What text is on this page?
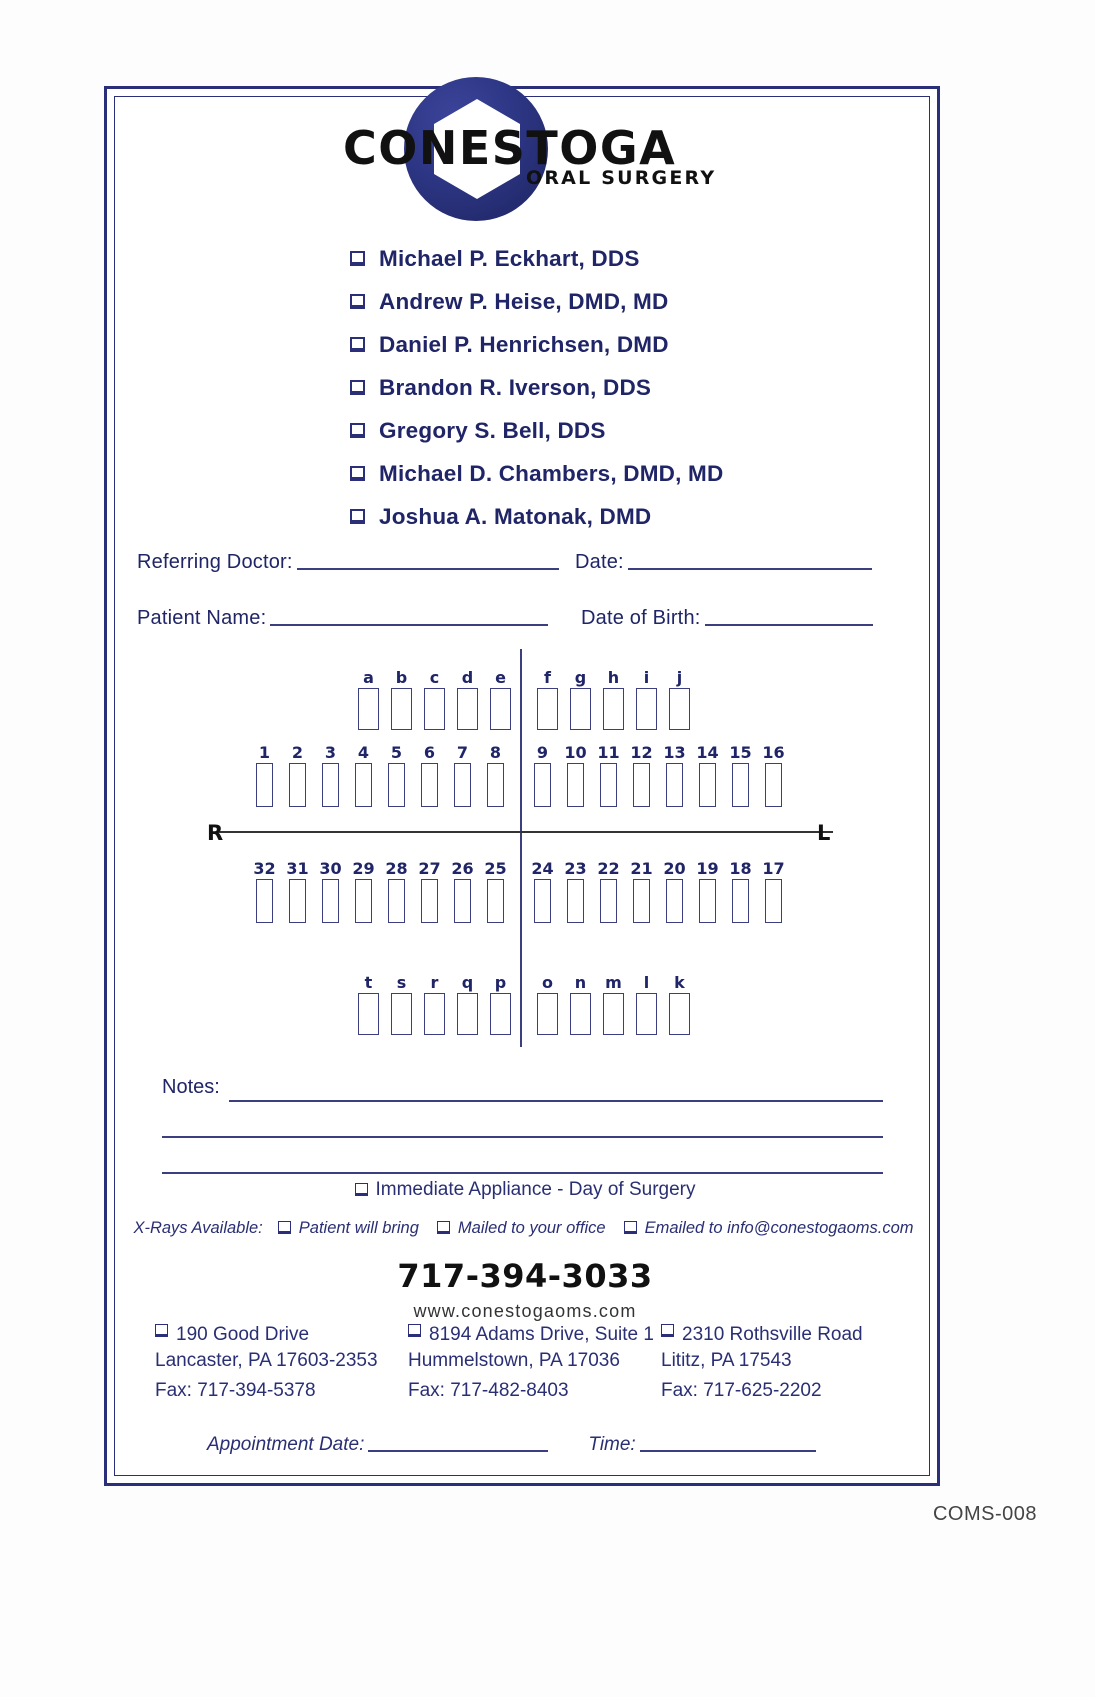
CONESTOGA
ORAL SURGERY
Michael P. Eckhart, DDS
Andrew P. Heise, DMD, MD
Daniel P. Henrichsen, DMD
Brandon R. Iverson, DDS
Gregory S. Bell, DDS
Michael D. Chambers, DMD, MD
Joshua A. Matonak, DMD
Referring Doctor:	Date:
Patient Name:	Date of Birth:
R	L
a b c d e f g h i j
1 2 3 4 5 6 7 8 9 10 11 12 13 14 15 16
32 31 30 29 28 27 26 25 24 23 22 21 20 19 18 17
t s r q p o n m l k
Notes:
Immediate Appliance - Day of Surgery
X-Rays Available: Patient will bring Mailed to your office Emailed to info@conestogaoms.com
717-394-3033
www.conestogaoms.com
190 Good Drive
Lancaster, PA 17603-2353
Fax: 717-394-5378
8194 Adams Drive, Suite 1
Hummelstown, PA 17036
Fax: 717-482-8403
2310 Rothsville Road
Lititz, PA 17543
Fax: 717-625-2202
Appointment Date:	Time:
COMS-008
